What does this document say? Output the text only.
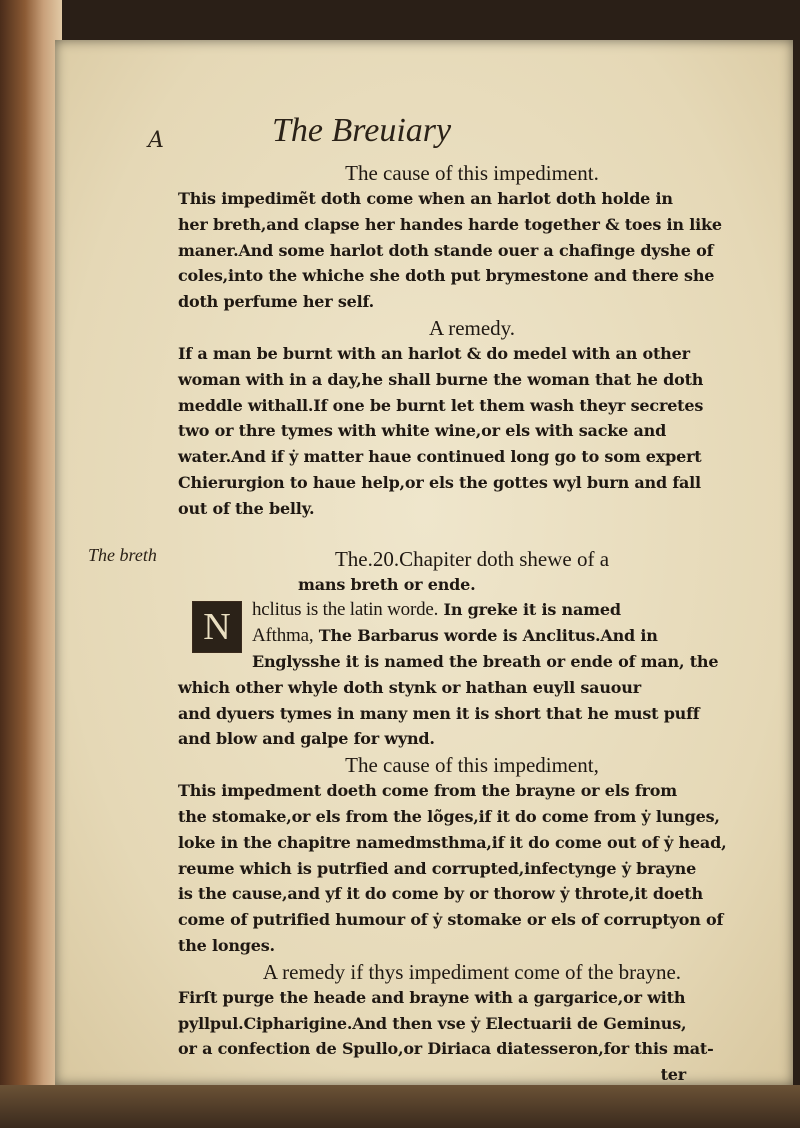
A	The Breuiary
The breth

The cause of this impediment.

This impedimẽt doth come when an harlot doth holde in

her breth,and clapse her handes harde together & toes in like

maner.And some harlot doth stande ouer a chafinge dyshe of

coles,into the whiche she doth put brymestone and there she

doth perfume her self.

A remedy.

If a man be burnt with an harlot & do medel with an other

woman with in a day,he shall burne the woman that he doth

meddle withall.If one be burnt let them wash theyr secretes

two or thre tymes with white wine,or els with sacke and

water.And if ẏ matter haue continued long go to som expert

Chierurgion to haue help,or els the gottes wyl burn and fall

out of the belly.

The.20.Chapiter doth shewe of a

mans breth or ende.

N	hclitus is the latin worde. In greke it is named

Afthma, The Barbarus worde is Anclitus.And in

Englysshe it is named the breath or ende of man, the

which other whyle doth stynk or hathan euyll sauour

and dyuers tymes in many men it is short that he must puff

and blow and galpe for wynd.

The cause of this impediment,

This impedment doeth come from the brayne or els from

the stomake,or els from the lõges,if it do come from ẏ lunges,

loke in the chapitre namedmsthma,if it do come out of ẏ head,

reume which is putrfied and corrupted,infectynge ẏ brayne

is the cause,and yf it do come by or thorow ẏ throte,it doeth

come of putrified humour of ẏ stomake or els of corruptyon of

the longes.

A remedy if thys impediment come of the brayne.

Firſt purge the heade and brayne with a gargarice,or with

pyllpul.Cipharigine.And then vse ẏ Electuarii de Geminus,

or a confection de Spullo,or Diriaca diatesseron,for this mat-

ter
